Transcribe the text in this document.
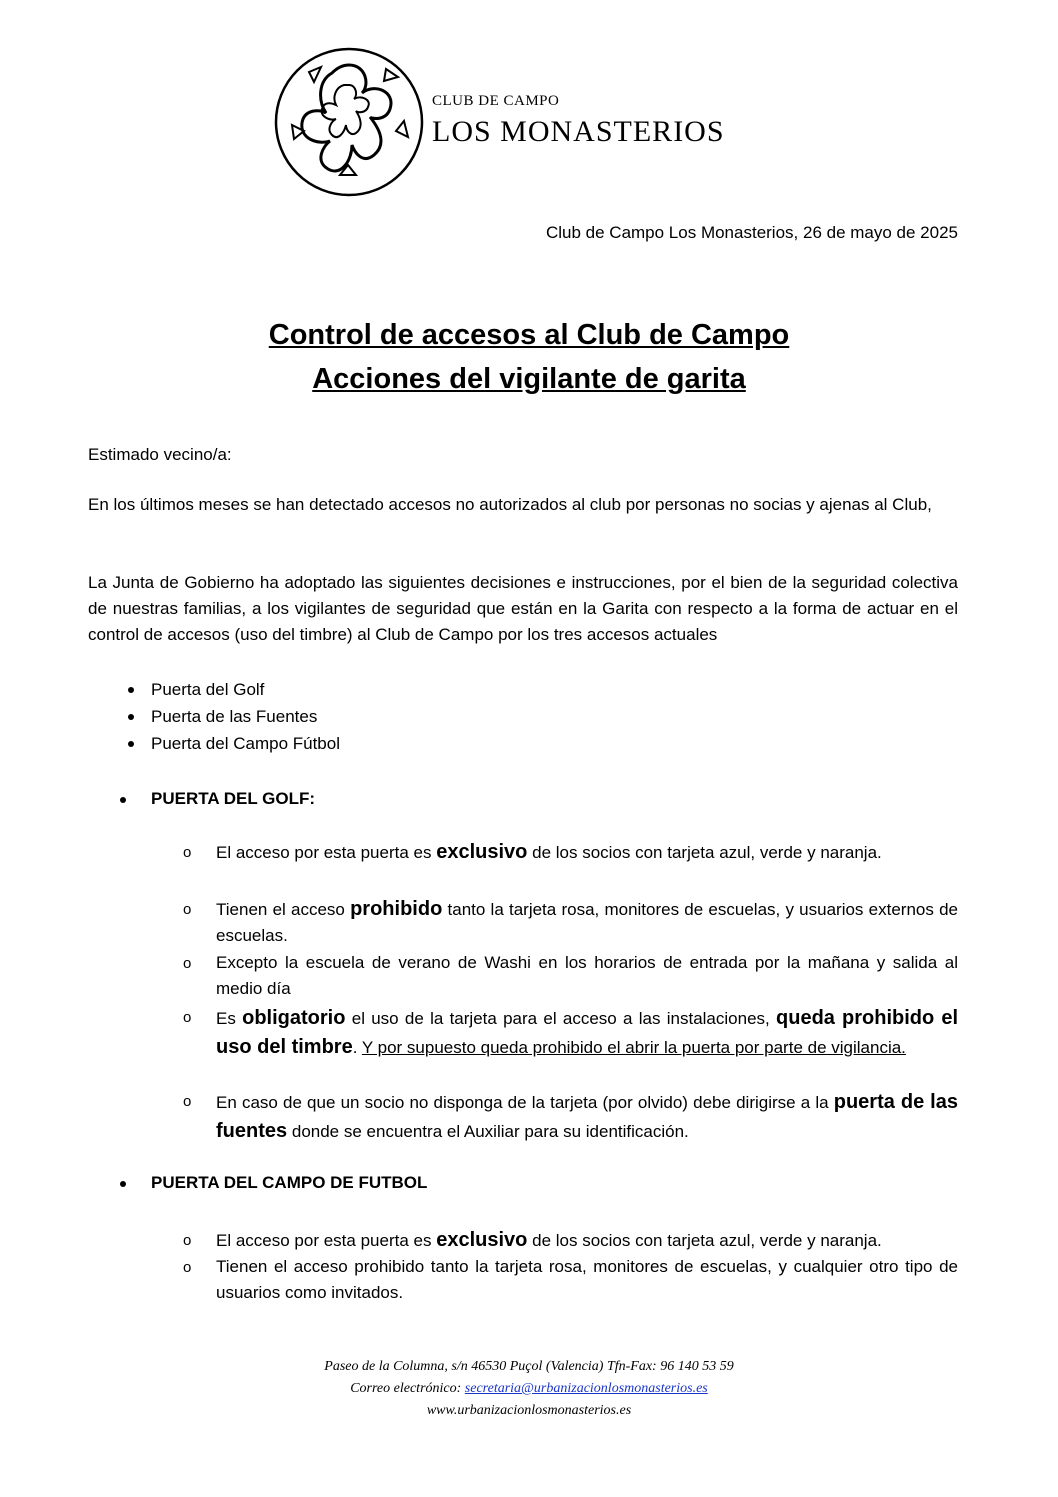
CLUB DE CAMPO
LOS MONASTERIOS
Club de Campo Los Monasterios, 26 de mayo de 2025
Control de accesos al Club de Campo
Acciones del vigilante de garita

Estimado vecino/a:

En los últimos meses se han detectado accesos no autorizados al club por personas no socias y ajenas al Club,

La Junta de Gobierno ha adoptado las siguientes decisiones e instrucciones, por el bien de la seguridad colectiva de nuestras familias, a los vigilantes de seguridad que están en la Garita con respecto a la forma de actuar en el control de accesos (uso del timbre) al Club de Campo por los tres accesos actuales

Puerta del Golf
Puerta de las Fuentes
Puerta del Campo Fútbol
PUERTA DEL GOLF:
o El acceso por esta puerta es exclusivo de los socios con tarjeta azul, verde y naranja.
o Tienen el acceso prohibido tanto la tarjeta rosa, monitores de escuelas, y usuarios externos de escuelas.
o Excepto la escuela de verano de Washi en los horarios de entrada por la mañana y salida al medio día
o Es obligatorio el uso de la tarjeta para el acceso a las instalaciones, queda prohibido el uso del timbre. Y por supuesto queda prohibido el abrir la puerta por parte de vigilancia.
o En caso de que un socio no disponga de la tarjeta (por olvido) debe dirigirse a la puerta de las fuentes donde se encuentra el Auxiliar para su identificación.
PUERTA DEL CAMPO DE FUTBOL
o El acceso por esta puerta es exclusivo de los socios con tarjeta azul, verde y naranja.
o Tienen el acceso prohibido tanto la tarjeta rosa, monitores de escuelas, y cualquier otro tipo de usuarios como invitados.
Paseo de la Columna, s/n 46530 Puçol (Valencia) Tfn-Fax: 96 140 53 59
Correo electrónico: secretaria@urbanizacionlosmonasterios.es
www.urbanizacionlosmonasterios.es
